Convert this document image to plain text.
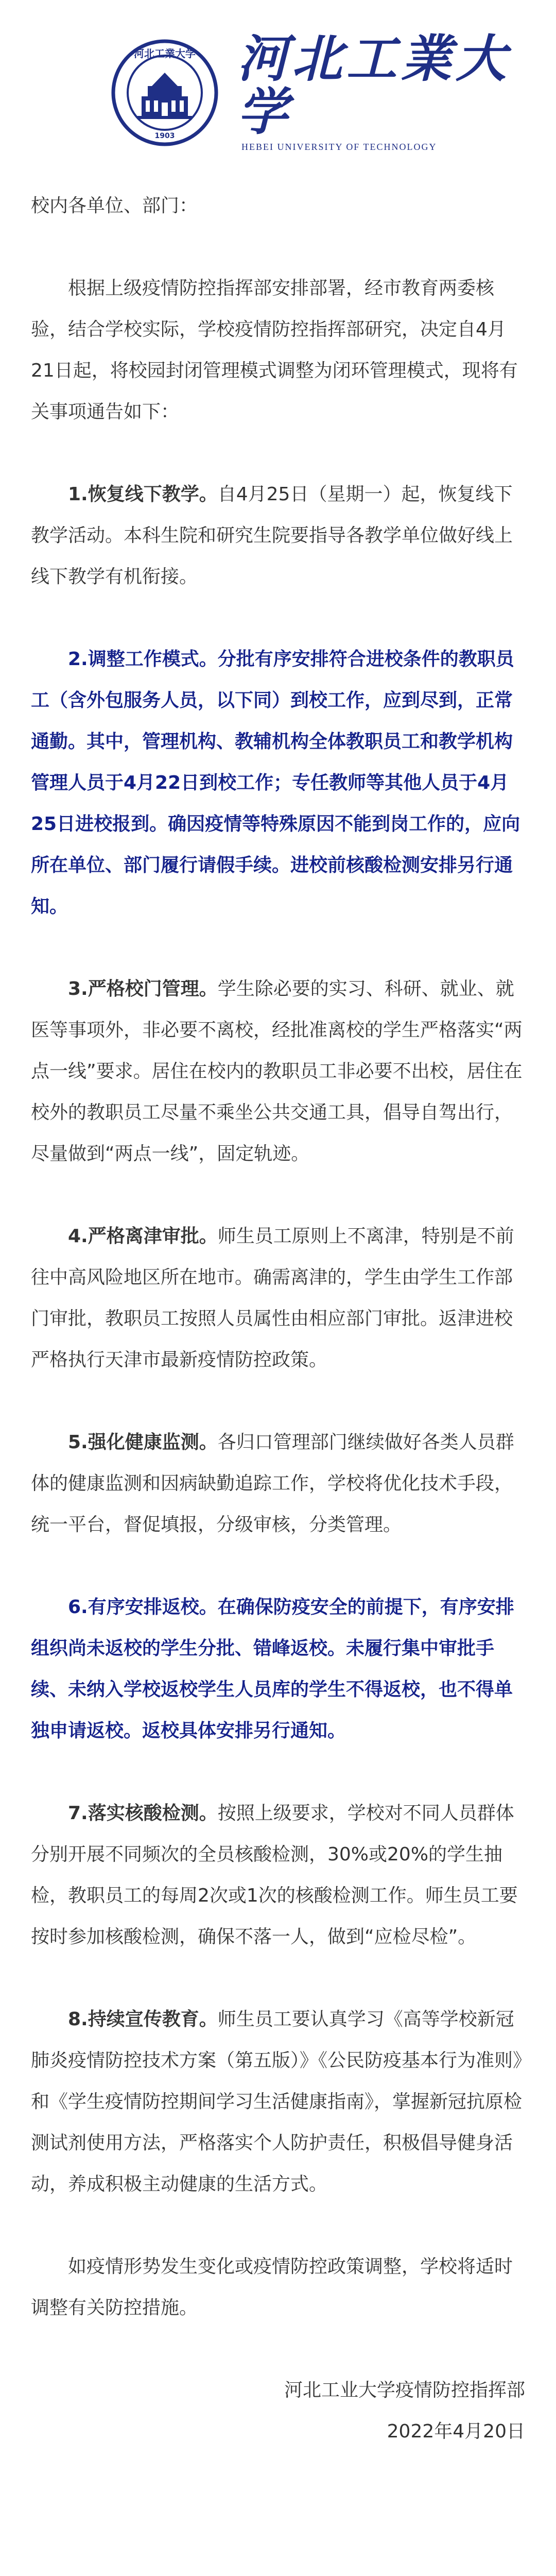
河北工業大学
1903
河北工業大学
HEBEI UNIVERSITY OF TECHNOLOGY

校内各单位、部门：

根据上级疫情防控指挥部安排部署，经市教育两委核验，结合学校实际，学校疫情防控指挥部研究，决定自4月21日起，将校园封闭管理模式调整为闭环管理模式，现将有关事项通告如下：

1.恢复线下教学。自4月25日（星期一）起，恢复线下教学活动。本科生院和研究生院要指导各教学单位做好线上线下教学有机衔接。

2.调整工作模式。分批有序安排符合进校条件的教职员工（含外包服务人员，以下同）到校工作，应到尽到，正常通勤。其中，管理机构、教辅机构全体教职员工和教学机构管理人员于4月22日到校工作；专任教师等其他人员于4月25日进校报到。确因疫情等特殊原因不能到岗工作的，应向所在单位、部门履行请假手续。进校前核酸检测安排另行通知。

3.严格校门管理。学生除必要的实习、科研、就业、就医等事项外，非必要不离校，经批准离校的学生严格落实“两点一线”要求。居住在校内的教职员工非必要不出校，居住在校外的教职员工尽量不乘坐公共交通工具，倡导自驾出行，尽量做到“两点一线”，固定轨迹。

4.严格离津审批。师生员工原则上不离津，特别是不前往中高风险地区所在地市。确需离津的，学生由学生工作部门审批，教职员工按照人员属性由相应部门审批。返津进校严格执行天津市最新疫情防控政策。

5.强化健康监测。各归口管理部门继续做好各类人员群体的健康监测和因病缺勤追踪工作，学校将优化技术手段，统一平台，督促填报，分级审核，分类管理。

6.有序安排返校。在确保防疫安全的前提下，有序安排组织尚未返校的学生分批、错峰返校。未履行集中审批手续、未纳入学校返校学生人员库的学生不得返校，也不得单独申请返校。返校具体安排另行通知。

7.落实核酸检测。按照上级要求，学校对不同人员群体分别开展不同频次的全员核酸检测，30%或20%的学生抽检，教职员工的每周2次或1次的核酸检测工作。师生员工要按时参加核酸检测，确保不落一人，做到“应检尽检”。

8.持续宣传教育。师生员工要认真学习《高等学校新冠肺炎疫情防控技术方案（第五版）》《公民防疫基本行为准则》和《学生疫情防控期间学习生活健康指南》，掌握新冠抗原检测试剂使用方法，严格落实个人防护责任，积极倡导健身活动，养成积极主动健康的生活方式。

如疫情形势发生变化或疫情防控政策调整，学校将适时调整有关防控措施。

河北工业大学疫情防控指挥部

2022年4月20日
